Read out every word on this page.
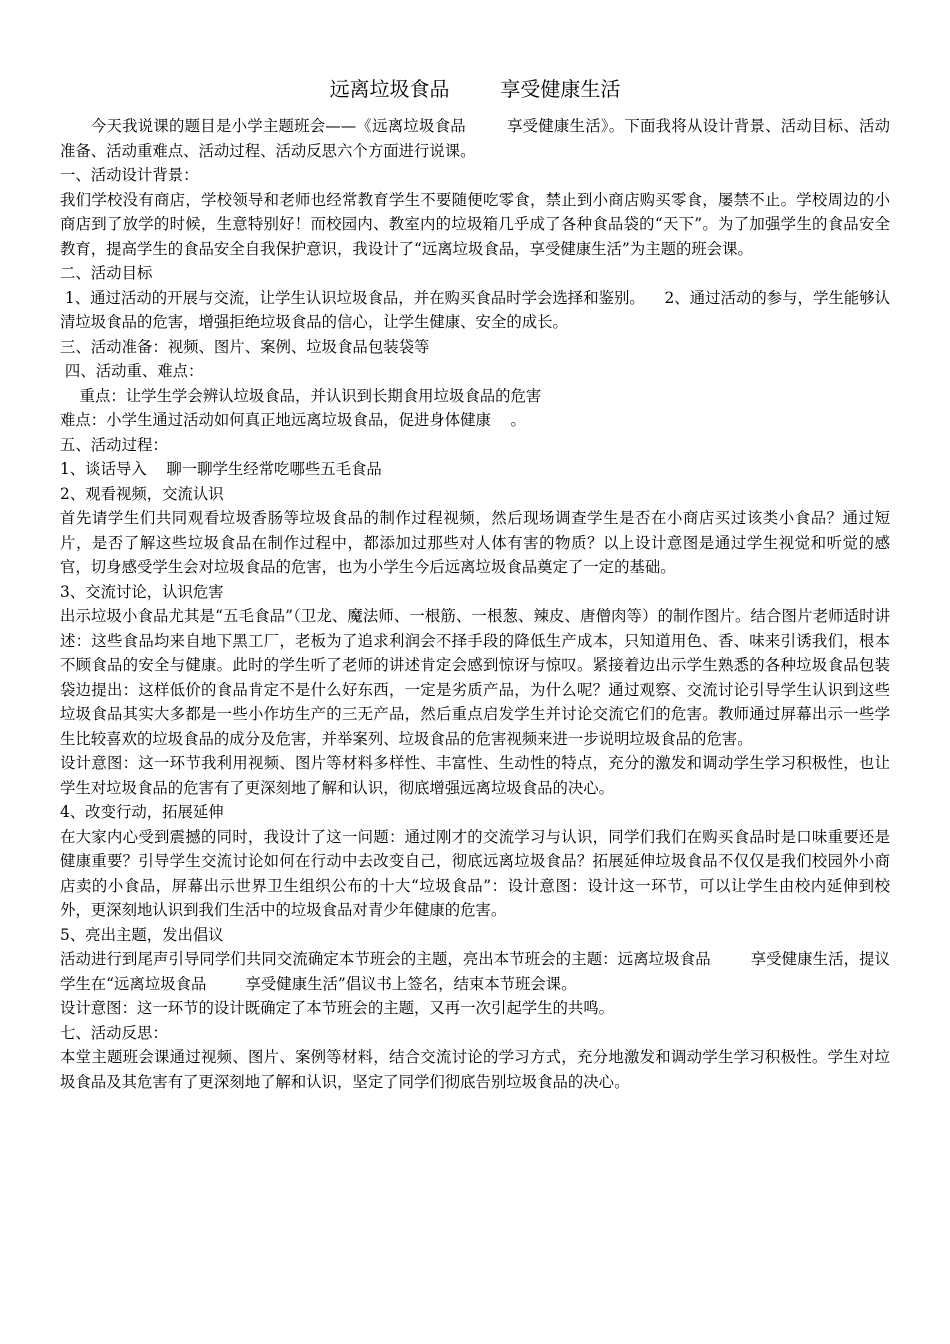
远离垃圾食品        享受健康生活

今天我说课的题目是小学主题班会——《远离垃圾食品        享受健康生活》。下面我将从设计背景、活动目标、活动准备、活动重难点、活动过程、活动反思六个方面进行说课。

一、活动设计背景：

我们学校没有商店，学校领导和老师也经常教育学生不要随便吃零食，禁止到小商店购买零食，屡禁不止。学校周边的小商店到了放学的时候，生意特别好！而校园内、教室内的垃圾箱几乎成了各种食品袋的“天下”。为了加强学生的食品安全教育，提高学生的食品安全自我保护意识，我设计了“远离垃圾食品，享受健康生活”为主题的班会课。

二、活动目标

1、通过活动的开展与交流，让学生认识垃圾食品，并在购买食品时学会选择和鉴别。    2、通过活动的参与，学生能够认清垃圾食品的危害，增强拒绝垃圾食品的信心，让学生健康、安全的成长。

三、活动准备：视频、图片、案例、垃圾食品包装袋等

四、活动重、难点：

重点：让学生学会辨认垃圾食品，并认识到长期食用垃圾食品的危害

难点：小学生通过活动如何真正地远离垃圾食品，促进身体健康    。

五、活动过程：

1、谈话导入    聊一聊学生经常吃哪些五毛食品

2、观看视频，交流认识

首先请学生们共同观看垃圾香肠等垃圾食品的制作过程视频，然后现场调查学生是否在小商店买过该类小食品？通过短片，是否了解这些垃圾食品在制作过程中，都添加过那些对人体有害的物质？以上设计意图是通过学生视觉和听觉的感官，切身感受学生会对垃圾食品的危害，也为小学生今后远离垃圾食品奠定了一定的基础。

3、交流讨论，认识危害

出示垃圾小食品尤其是“五毛食品”（卫龙、魔法师、一根筋、一根葱、辣皮、唐僧肉等）的制作图片。结合图片老师适时讲述：这些食品均来自地下黑工厂，老板为了追求利润会不择手段的降低生产成本，只知道用色、香、味来引诱我们，根本不顾食品的安全与健康。此时的学生听了老师的讲述肯定会感到惊讶与惊叹。紧接着边出示学生熟悉的各种垃圾食品包装袋边提出：这样低价的食品肯定不是什么好东西，一定是劣质产品，为什么呢？通过观察、交流讨论引导学生认识到这些垃圾食品其实大多都是一些小作坊生产的三无产品，然后重点启发学生并讨论交流它们的危害。教师通过屏幕出示一些学生比较喜欢的垃圾食品的成分及危害，并举案列、垃圾食品的危害视频来进一步说明垃圾食品的危害。

设计意图：这一环节我利用视频、图片等材料多样性、丰富性、生动性的特点，充分的激发和调动学生学习积极性，也让学生对垃圾食品的危害有了更深刻地了解和认识，彻底增强远离垃圾食品的决心。

4、改变行动，拓展延伸

在大家内心受到震撼的同时，我设计了这一问题：通过刚才的交流学习与认识，同学们我们在购买食品时是口味重要还是健康重要？引导学生交流讨论如何在行动中去改变自己，彻底远离垃圾食品？拓展延伸垃圾食品不仅仅是我们校园外小商店卖的小食品，屏幕出示世界卫生组织公布的十大“垃圾食品”：设计意图：设计这一环节，可以让学生由校内延伸到校外，更深刻地认识到我们生活中的垃圾食品对青少年健康的危害。

5、亮出主题，发出倡议

活动进行到尾声引导同学们共同交流确定本节班会的主题，亮出本节班会的主题：远离垃圾食品        享受健康生活，提议学生在“远离垃圾食品        享受健康生活”倡议书上签名，结束本节班会课。

设计意图：这一环节的设计既确定了本节班会的主题，又再一次引起学生的共鸣。

七、活动反思：

本堂主题班会课通过视频、图片、案例等材料，结合交流讨论的学习方式，充分地激发和调动学生学习积极性。学生对垃圾食品及其危害有了更深刻地了解和认识，坚定了同学们彻底告别垃圾食品的决心。
